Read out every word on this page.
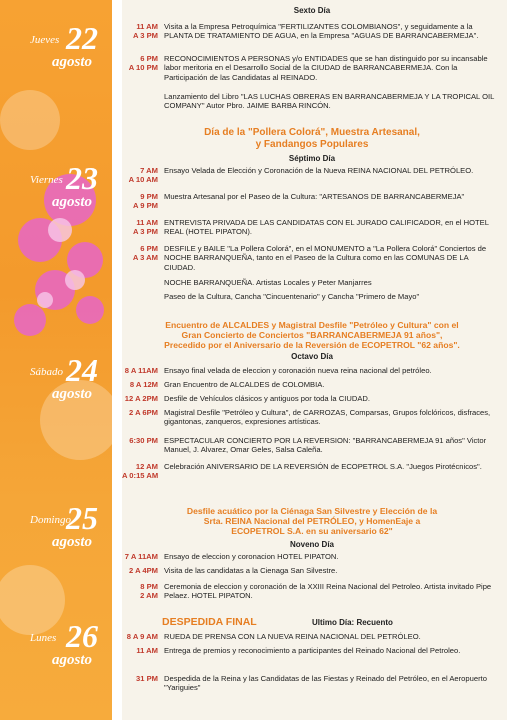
Jueves 22
agosto
Viernes 23
agosto
Sábado 24
agosto
Domingo
25
agosto
Lunes 26
agosto
Sexto Día
11 AM
A 3 PM
Visita a la Empresa Petroquímica "FERTILIZANTES COLOMBIANOS", y seguidamente a la PLANTA DE TRATAMIENTO DE AGUA, en la Empresa "AGUAS DE BARRANCABERMEJA".
6 PM
A 10 PM
RECONOCIMIENTOS A PERSONAS y/o ENTIDADES que se han distinguido por su incansable labor meritoria en el Desarrollo Social de la CIUDAD de BARRANCABERMEJA. Con la Participación de las Candidatas al REINADO.
Lanzamiento del Libro "LAS LUCHAS OBRERAS EN BARRANCABERMEJA Y LA TROPICAL OIL COMPANY" Autor Pbro. JAIME BARBA RINCÓN.
Día de la "Pollera Colorá", Muestra Artesanal,
y Fandangos Populares
Séptimo Día
7 AM
A 10 AM
Ensayo Velada de Elección y Coronación de la Nueva REINA NACIONAL DEL PETRÓLEO.
9 PM
A 9 PM
Muestra Artesanal por el Paseo de la Cultura: "ARTESANOS DE BARRANCABERMEJA"
11 AM
A 3 PM
ENTREVISTA PRIVADA DE LAS CANDIDATAS CON EL JURADO CALIFICADOR, en el HOTEL REAL (HOTEL PIPATON).
6 PM
A 3 AM
DESFILE y BAILE "La Pollera Colorá", en el MONUMENTO a "La Pollera Colorá" Conciertos de NOCHE BARRANQUEÑA, tanto en el Paseo de la Cultura como en las COMUNAS DE LA CIUDAD.
NOCHE BARRANQUEÑA. Artistas Locales y Peter Manjarres
Paseo de la Cultura, Cancha "Cincuentenario" y Cancha "Primero de Mayo"
Encuentro de ALCALDES y Magistral Desfile "Petróleo y Cultura" con el
Gran Concierto de Conciertos "BARRANCABERMEJA 91 años",
Precedido por el Aniversario de la Reversión de ECOPETROL "62 años".
Octavo Día
8 A 11AM Ensayo final velada de eleccion y coronación nueva reina nacional del petróleo.
8 A 12M Gran Encuentro de ALCALDES de COLOMBIA.
12 A 2PM Desfile de Vehículos clásicos y antiguos por toda la CIUDAD.
2 A 6PM Magistral Desfile "Petróleo y Cultura", de CARROZAS, Comparsas, Grupos folclóricos, disfraces, gigantonas, zanqueros, expresiones artísticas.
6:30 PM ESPECTACULAR CONCIERTO POR LA REVERSION: "BARRANCABERMEJA 91 años" Victor Manuel, J. Alvarez, Omar Geles, Salsa Caleña.
12 AM
A 0:15 AM
Celebración ANIVERSARIO DE LA REVERSIÓN de ECOPETROL S.A. "Juegos Pirotécnicos".
Desfile acuático por la Ciénaga San Silvestre y Elección de la
Srta. REINA Nacional del PETRÓLEO, y HomenEaje a
ECOPETROL S.A. en su aniversario 62"
Noveno Día
7 A 11AM Ensayo de eleccion y coronacion HOTEL PIPATON.
2 A 4PM Visita de las candidatas a la Cienaga San Silvestre.
8 PM
2 AM
Ceremonia de eleccion y coronación de la XXIII Reina Nacional del Petroleo. Artista invitado Pipe Pelaez. HOTEL PIPATON.
DESPEDIDA FINAL	Ultimo Día: Recuento
8 A 9 AM RUEDA DE PRENSA CON LA NUEVA REINA NACIONAL DEL PETRÓLEO.
11 AM Entrega de premios y reconocimiento a participantes del Reinado Nacional del Petroleo.
31 PM Despedida de la Reina y las Candidatas de las Fiestas y Reinado del Petróleo, en el Aeropuerto "Yariguies"
